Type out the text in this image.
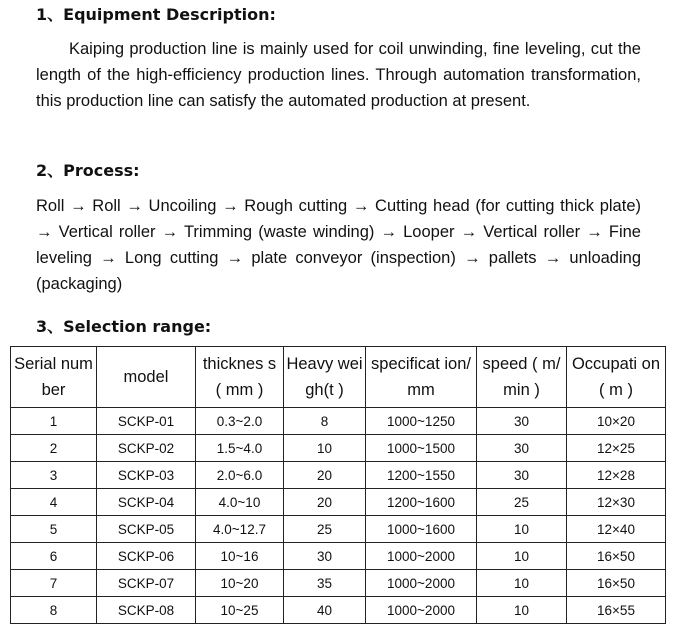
1、Equipment Description:

Kaiping production line is mainly used for coil unwinding, fine leveling, cut the length of the high-efficiency production lines. Through automation transformation, this production line can satisfy the automated production at present.

2、Process:

Roll → Roll → Uncoiling → Rough cutting → Cutting head (for cutting thick plate) → Vertical roller → Trimming (waste winding) → Looper → Vertical roller → Fine leveling → Long cutting → plate conveyor (inspection) → pallets → unloading (packaging)

3、Selection range:
Serial number	model	thicknes s ( mm )	Heavy weigh(t )	specificat ion/mm	speed ( m/min )	Occupati on ( m )
1	SCKP-01	0.3~2.0	8	1000~1250	30	10×20
2	SCKP-02	1.5~4.0	10	1000~1500	30	12×25
3	SCKP-03	2.0~6.0	20	1200~1550	30	12×28
4	SCKP-04	4.0~10	20	1200~1600	25	12×30
5	SCKP-05	4.0~12.7	25	1000~1600	10	12×40
6	SCKP-06	10~16	30	1000~2000	10	16×50
7	SCKP-07	10~20	35	1000~2000	10	16×50
8	SCKP-08	10~25	40	1000~2000	10	16×55
